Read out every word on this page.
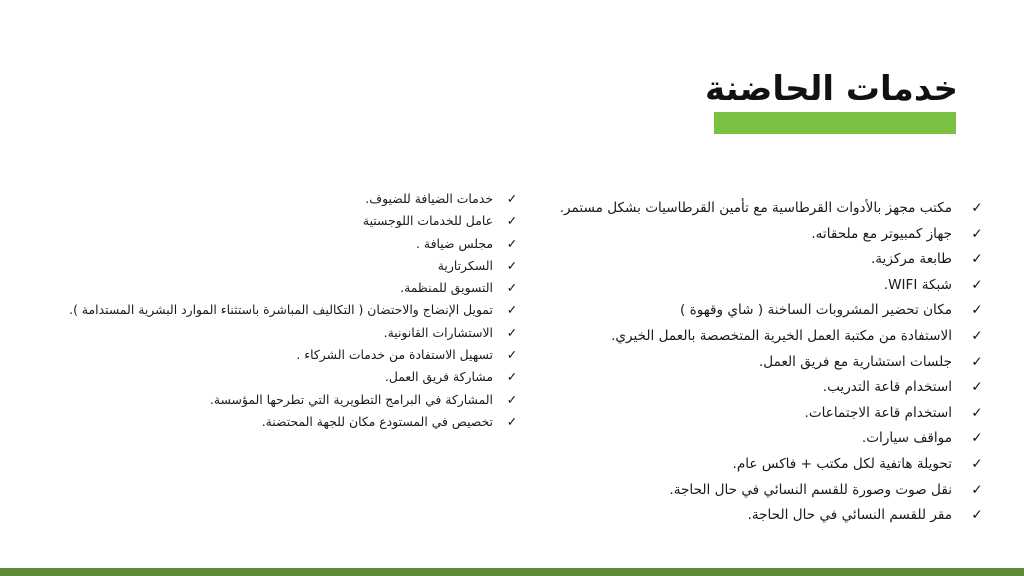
خدمات الحاضنة
✓
مكتب مجهز بالأدوات القرطاسية مع تأمين القرطاسيات بشكل مستمر.
✓
جهاز كمبيوتر مع ملحقاته.
✓
طابعة مركزية.
✓
شبكة WIFI.
✓
مكان تحضير المشروبات الساخنة ( شاي وقهوة )
✓
الاستفادة من مكتبة العمل الخيرية المتخصصة بالعمل الخيري.
✓
جلسات استشارية مع فريق العمل.
✓
استخدام قاعة التدريب.
✓
استخدام قاعة الاجتماعات.
✓
مواقف سيارات.
✓
تحويلة هاتفية لكل مكتب + فاكس عام.
✓
نقل صوت وصورة للقسم النسائي في حال الحاجة.
✓
مقر للقسم النسائي في حال الحاجة.
✓
خدمات الضيافة للضيوف.
✓
عامل للخدمات اللوجستية
✓
مجلس ضيافة .
✓
السكرتارية
✓
التسويق للمنظمة.
✓
تمويل الإنضاج والاحتضان ( التكاليف المباشرة باستثناء الموارد البشرية المستدامة ).
✓
الاستشارات القانونية.
✓
تسهيل الاستفادة من خدمات الشركاء .
✓
مشاركة فريق العمل.
✓
المشاركة في البرامج التطويرية التي تطرحها المؤسسة.
✓
تخصيص في المستودع مكان للجهة المحتضنة.
